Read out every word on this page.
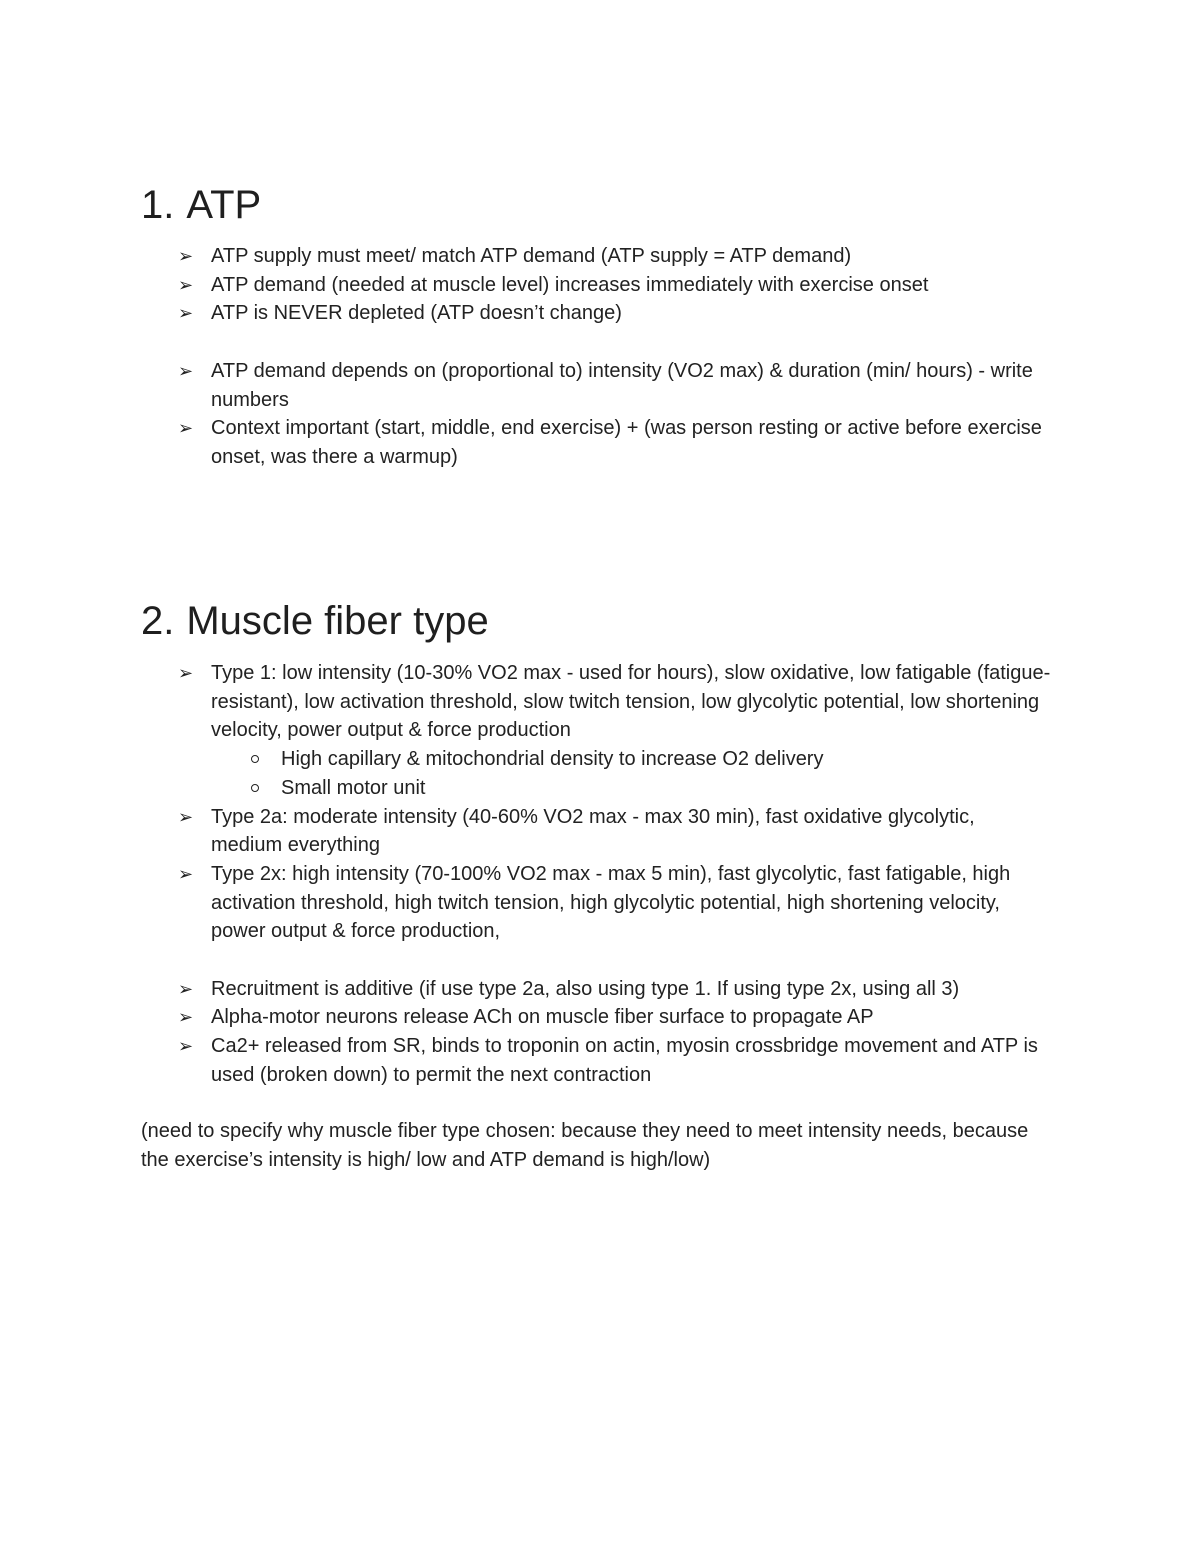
1. ATP
➢ ATP supply must meet/ match ATP demand (ATP supply = ATP demand)
➢ ATP demand (needed at muscle level) increases immediately with exercise onset
➢ ATP is NEVER depleted (ATP doesn’t change)
➢ ATP demand depends on (proportional to) intensity (VO2 max) & duration (min/ hours) - write numbers
➢ Context important (start, middle, end exercise) + (was person resting or active before exercise onset, was there a warmup)
2. Muscle fiber type
➢ Type 1: low intensity (10-30% VO2 max - used for hours), slow oxidative, low fatigable (fatigue-resistant), low activation threshold, slow twitch tension, low glycolytic potential, low shortening velocity, power output & force production
High capillary & mitochondrial density to increase O2 delivery
Small motor unit
➢ Type 2a: moderate intensity (40-60% VO2 max - max 30 min), fast oxidative glycolytic, medium everything
➢ Type 2x: high intensity (70-100% VO2 max - max 5 min), fast glycolytic, fast fatigable, high activation threshold, high twitch tension, high glycolytic potential, high shortening velocity, power output & force production,
➢ Recruitment is additive (if use type 2a, also using type 1. If using type 2x, using all 3)
➢ Alpha-motor neurons release ACh on muscle fiber surface to propagate AP
➢ Ca2+ released from SR, binds to troponin on actin, myosin crossbridge movement and ATP is used (broken down) to permit the next contraction

(need to specify why muscle fiber type chosen: because they need to meet intensity needs, because the exercise’s intensity is high/ low and ATP demand is high/low)
